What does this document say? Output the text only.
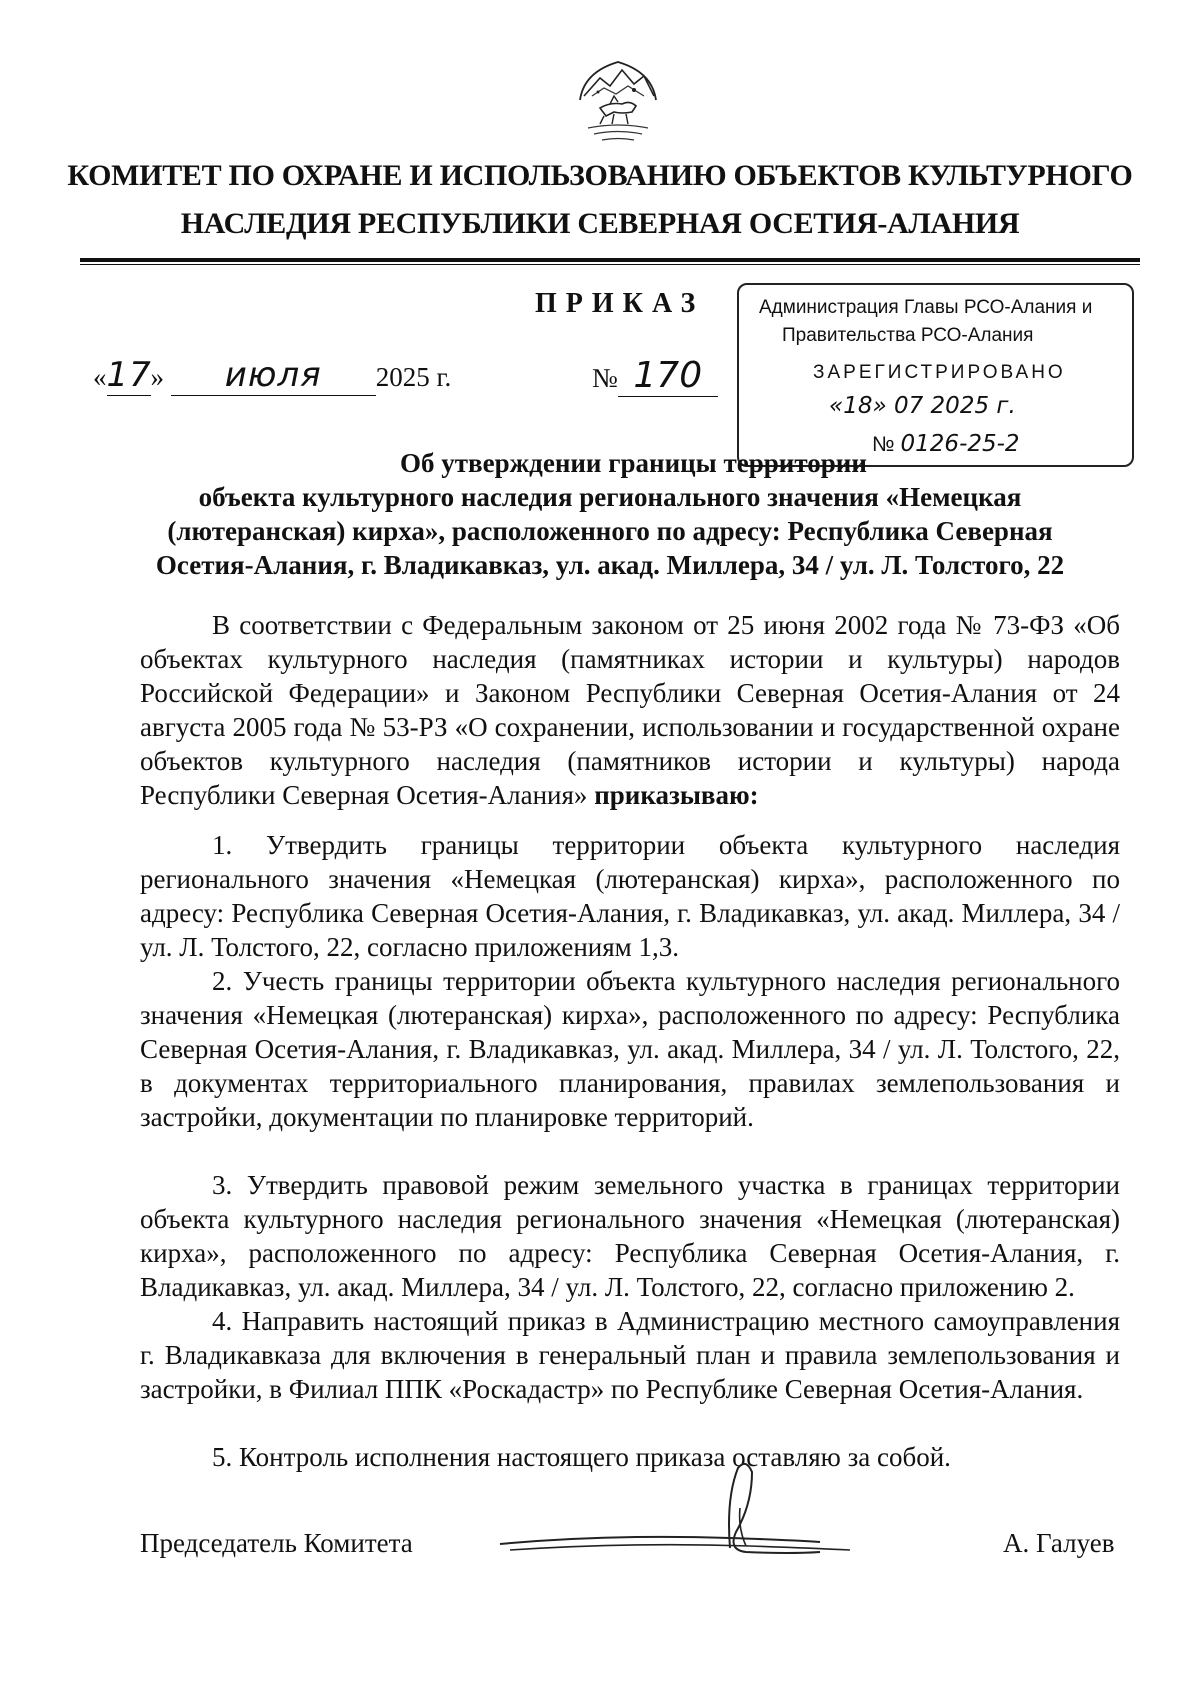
КОМИТЕТ ПО ОХРАНЕ И ИСПОЛЬЗОВАНИЮ ОБЪЕКТОВ КУЛЬТУРНОГО
НАСЛЕДИЯ РЕСПУБЛИКИ СЕВЕРНАЯ ОСЕТИЯ-АЛАНИЯ
ПРИКАЗ
«17» июля 2025 г.	№ 170
Администрация Главы РСО-Алания и
Правительства РСО-Алания
ЗАРЕГИСТРИРОВАНО
«18» 07 2025 г.
№ 0126-25-2
Об утверждении границы территории
объекта культурного наследия регионального значения «Немецкая
(лютеранская) кирха», расположенного по адресу: Республика Северная
Осетия-Алания, г. Владикавказ, ул. акад. Миллера, 34 / ул. Л. Толстого, 22
В соответствии с Федеральным законом от 25 июня 2002 года № 73-ФЗ «Об объектах культурного наследия (памятниках истории и культуры) народов Российской Федерации» и Законом Республики Северная Осетия-Алания от 24 августа 2005 года № 53-РЗ «О сохранении, использовании и государственной охране объектов культурного наследия (памятников истории и культуры) народа Республики Северная Осетия-Алания» приказываю:
1. Утвердить границы территории объекта культурного наследия регионального значения «Немецкая (лютеранская) кирха», расположенного по адресу: Республика Северная Осетия-Алания, г. Владикавказ, ул. акад. Миллера, 34 / ул. Л. Толстого, 22, согласно приложениям 1,3.
2. Учесть границы территории объекта культурного наследия регионального значения «Немецкая (лютеранская) кирха», расположенного по адресу: Республика Северная Осетия-Алания, г. Владикавказ, ул. акад. Миллера, 34 / ул. Л. Толстого, 22, в документах территориального планирования, правилах землепользования и застройки, документации по планировке территорий.
3. Утвердить правовой режим земельного участка в границах территории объекта культурного наследия регионального значения «Немецкая (лютеранская) кирха», расположенного по адресу: Республика Северная Осетия-Алания, г. Владикавказ, ул. акад. Миллера, 34 / ул. Л. Толстого, 22, согласно приложению 2.
4. Направить настоящий приказ в Администрацию местного самоуправления г. Владикавказа для включения в генеральный план и правила землепользования и застройки, в Филиал ППК «Роскадастр» по Республике Северная Осетия-Алания.
5. Контроль исполнения настоящего приказа оставляю за собой.
Председатель Комитета	А. Галуев
